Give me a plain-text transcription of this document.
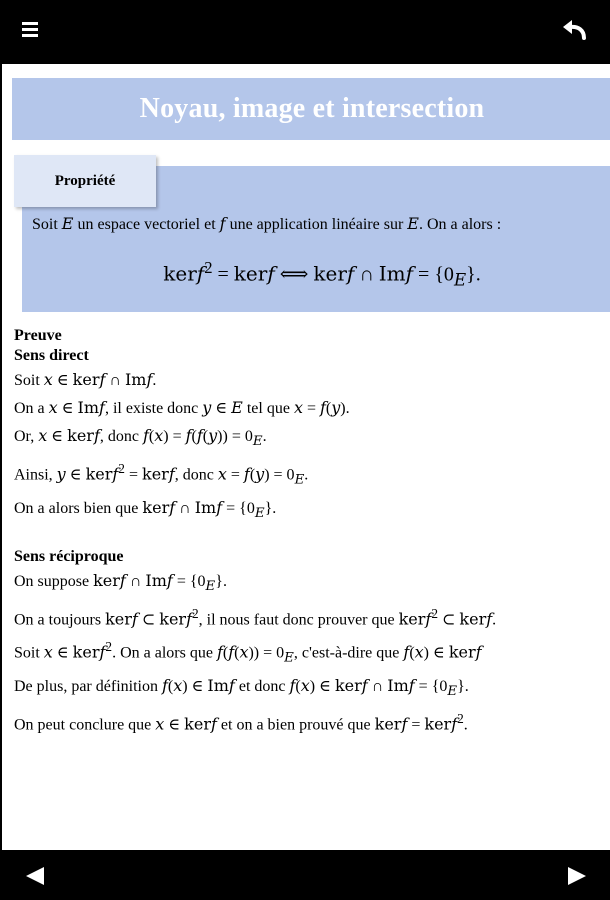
Noyau, image et intersection
Propriété
Soit E un espace vectoriel et f une application linéaire sur E. On a alors :
kerf$^2$ = kerf ⟺ kerf ∩ Imf = $\{0_E\}$.
Preuve
Sens direct
Soit x ∈ kerf ∩ Imf.
On a x ∈ Imf, il existe donc y ∈ E tel que x = f(y).
Or, x ∈ kerf, donc $f(x) = f(f(y)) = 0_E$.
Ainsi, y ∈ kerf$^2$ = kerf, donc $x = f(y) = 0_E$.
On a alors bien que kerf ∩ Imf = $\{0_E\}$.
Sens réciproque
On suppose kerf ∩ Imf = $\{0_E\}$.
On a toujours kerf ⊂ kerf$^2$, il nous faut donc prouver que kerf$^2$ ⊂ kerf.
Soit x ∈ kerf$^2$. On a alors que $f(f(x)) = 0_E$, c'est-à-dire que f(x) ∈ kerf
De plus, par définition f(x) ∈ Imf et donc f(x) ∈ kerf ∩ Imf = $\{0_E\}$.
On peut conclure que x ∈ kerf et on a bien prouvé que kerf = kerf$^2$.
